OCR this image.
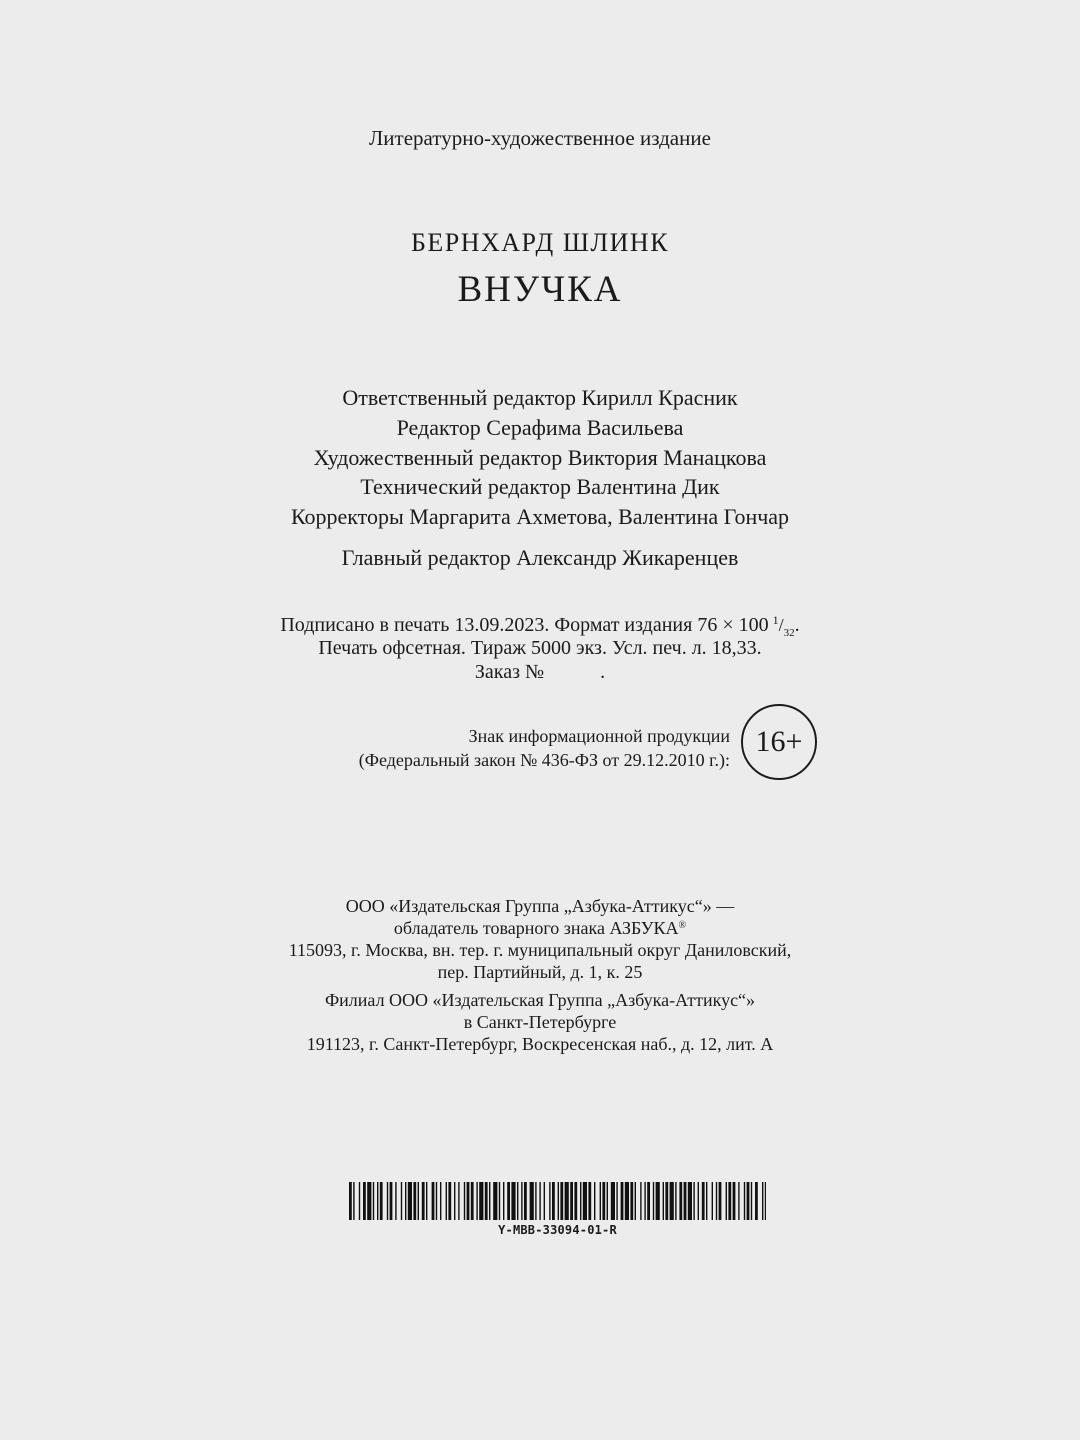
Литературно-художественное издание
БЕРНХАРД ШЛИНК
ВНУЧКА
Ответственный редактор Кирилл Красник
Редактор Серафима Васильева
Художественный редактор Виктория Манацкова
Технический редактор Валентина Дик
Корректоры Маргарита Ахметова, Валентина Гончар
Главный редактор Александр Жикаренцев
Подписано в печать 13.09.2023. Формат издания 76 × 100 $^1/_{32}$.
Печать офсетная. Тираж 5000 экз. Усл. печ. л. 18,33.
Заказ №	.
Знак информационной продукции
(Федеральный закон № 436-ФЗ от 29.12.2010 г.):
16+
ООО «Издательская Группа „Азбука-Аттикус“» —
обладатель товарного знака АЗБУКА®
115093, г. Москва, вн. тер. г. муниципальный округ Даниловский,
пер. Партийный, д. 1, к. 25
Филиал ООО «Издательская Группа „Азбука-Аттикус“»
в Санкт-Петербурге
191123, г. Санкт-Петербург, Воскресенская наб., д. 12, лит. А
Y-MBB-33094-01-R
